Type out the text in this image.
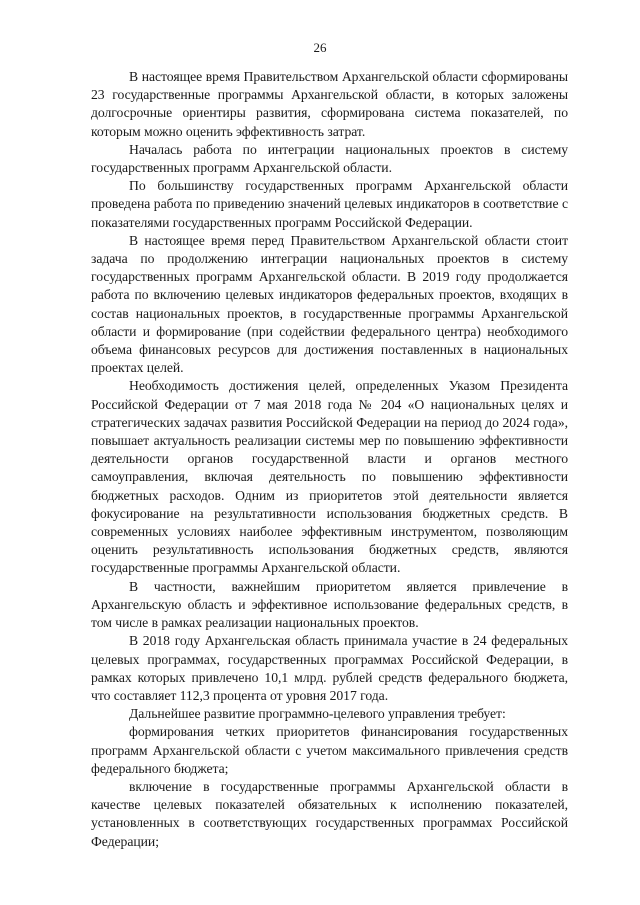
26

В настоящее время Правительством Архангельской области сформированы 23 государственные программы Архангельской области, в которых заложены долгосрочные ориентиры развития, сформирована система показателей, по которым можно оценить эффективность затрат.

Началась работа по интеграции национальных проектов в систему государственных программ Архангельской области.

По большинству государственных программ Архангельской области проведена работа по приведению значений целевых индикаторов в соответствие с показателями государственных программ Российской Федерации.

В настоящее время перед Правительством Архангельской области стоит задача по продолжению интеграции национальных проектов в систему государственных программ Архангельской области. В 2019 году продолжается работа по включению целевых индикаторов федеральных проектов, входящих в состав национальных проектов, в государственные программы Архангельской области и формирование (при содействии федерального центра) необходимого объема финансовых ресурсов для достижения поставленных в национальных проектах целей.

Необходимость достижения целей, определенных Указом Президента Российской Федерации от 7 мая 2018 года № 204 «О национальных целях и стратегических задачах развития Российской Федерации на период до 2024 года», повышает актуальность реализации системы мер по повышению эффективности деятельности органов государственной власти и органов местного самоуправления, включая деятельность по повышению эффективности бюджетных расходов. Одним из приоритетов этой деятельности является фокусирование на результативности использования бюджетных средств. В современных условиях наиболее эффективным инструментом, позволяющим оценить результативность использования бюджетных средств, являются государственные программы Архангельской области.

В частности, важнейшим приоритетом является привлечение в Архангельскую область и эффективное использование федеральных средств, в том числе в рамках реализации национальных проектов.

В 2018 году Архангельская область принимала участие в 24 федеральных целевых программах, государственных программах Российской Федерации, в рамках которых привлечено 10,1 млрд. рублей средств федерального бюджета, что составляет 112,3 процента от уровня 2017 года.

Дальнейшее развитие программно-целевого управления требует:

формирования четких приоритетов финансирования государственных программ Архангельской области с учетом максимального привлечения средств федерального бюджета;

включение в государственные программы Архангельской области в качестве целевых показателей обязательных к исполнению показателей, установленных в соответствующих государственных программах Российской Федерации;
